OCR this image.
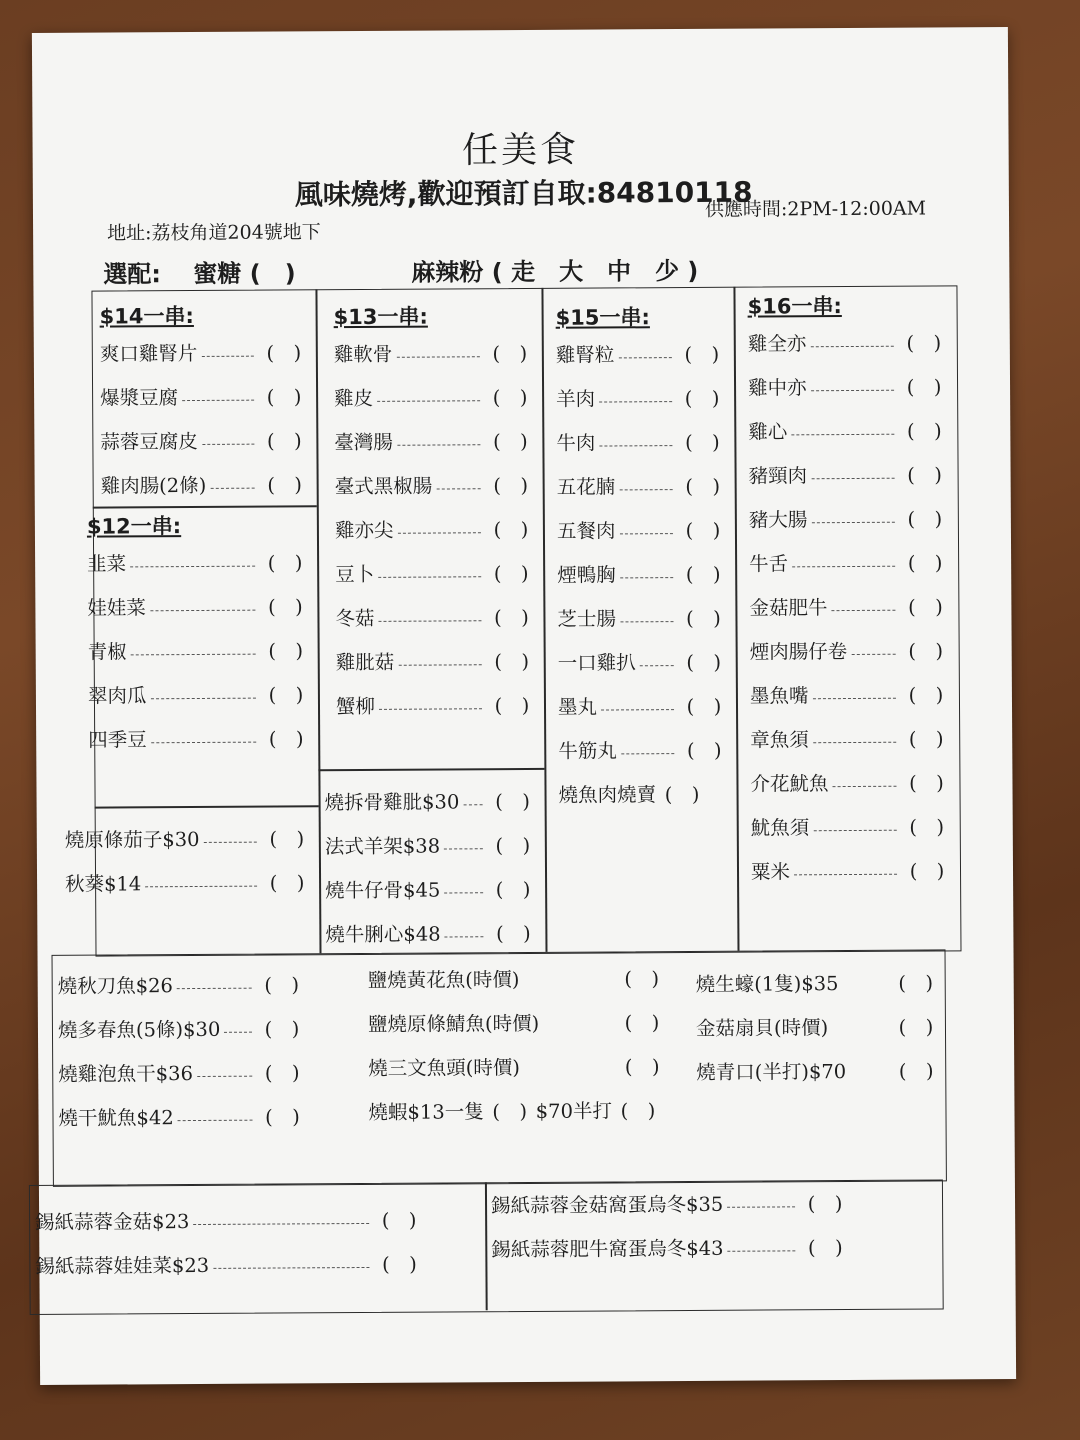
任美食
風味燒烤,歡迎預訂自取:84810118
地址:荔枝角道204號地下
供應時間:2PM-12:00AM
選配: 蜜糖 (　)	麻辣粉 ( 走　大　中　少 )
$14一串:
爽口雞腎片	(　)
爆漿豆腐	(　)
蒜蓉豆腐皮	(　)
雞肉腸(2條)	(　)
$12一串:
韭菜	(　)
娃娃菜	(　)
青椒	(　)
翠肉瓜	(　)
四季豆	(　)
燒原條茄子$30	(　)
秋葵$14	(　)
$13一串:
雞軟骨	(　)
雞皮	(　)
臺灣腸	(　)
臺式黑椒腸	(　)
雞亦尖	(　)
豆卜	(　)
冬菇	(　)
雞肶菇	(　)
蟹柳	(　)
燒拆骨雞肶$30	(　)
法式羊架$38	(　)
燒牛仔骨$45	(　)
燒牛脷心$48	(　)
$15一串:
雞腎粒	(　)
羊肉	(　)
牛肉	(　)
五花腩	(　)
五餐肉	(　)
煙鴨胸	(　)
芝士腸	(　)
一口雞扒	(　)
墨丸	(　)
牛筋丸	(　)
燒魚肉燒賣 (　)
$16一串:
雞全亦	(　)
雞中亦	(　)
雞心	(　)
豬頸肉	(　)
豬大腸	(　)
牛舌	(　)
金菇肥牛	(　)
煙肉腸仔卷	(　)
墨魚嘴	(　)
章魚須	(　)
介花魷魚	(　)
魷魚須	(　)
粟米	(　)
燒秋刀魚$26	(　)
燒多春魚(5條)$30	(　)
燒雞泡魚干$36	(　)
燒干魷魚$42	(　)
鹽燒黃花魚(時價)	(　)
鹽燒原條鯖魚(時價)	(　)
燒三文魚頭(時價)	(　)
燒蝦$13一隻 (　) $70半打 (　)
燒生蠔(1隻)$35	(　)
金菇扇貝(時價)	(　)
燒青口(半打)$70	(　)
錫紙蒜蓉金菇$23	(　)
錫紙蒜蓉娃娃菜$23	(　)
錫紙蒜蓉金菇窩蛋烏冬$35	(　)
錫紙蒜蓉肥牛窩蛋烏冬$43	(　)
